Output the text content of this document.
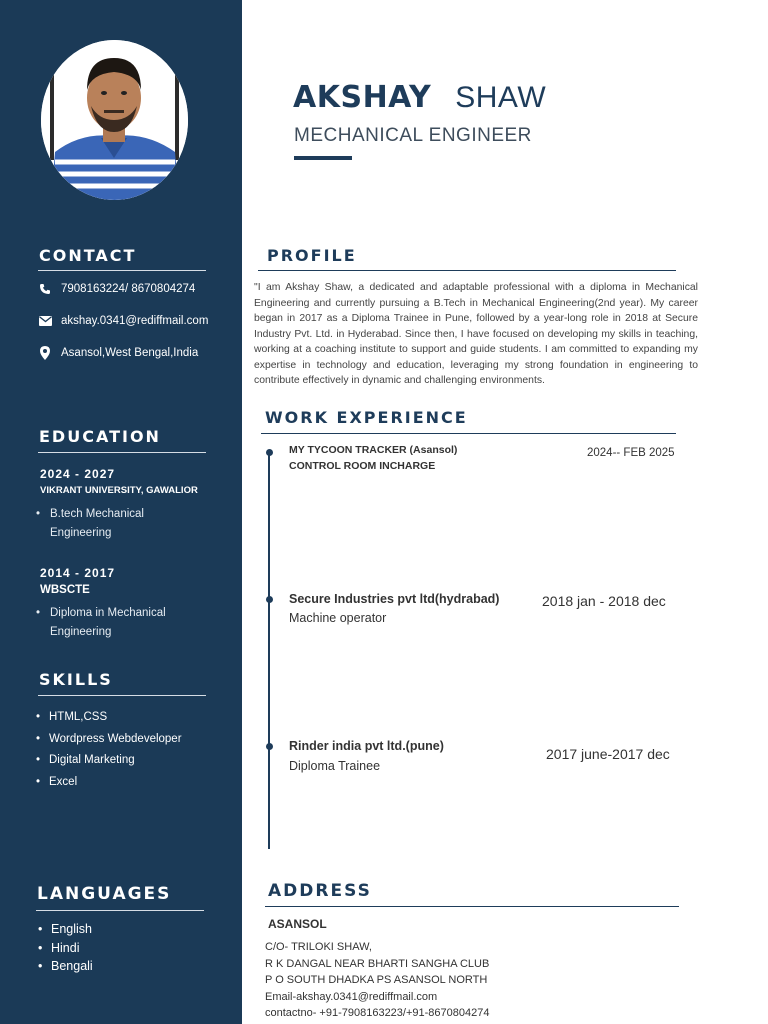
CONTACT
7908163224/ 8670804274
akshay.0341@rediffmail.com
Asansol,West Bengal,India
EDUCATION
2024 - 2027
VIKRANT UNIVERSITY, GAWALIOR
• B.tech Mechanical
Engineering
2014 - 2017
WBSCTE
• Diploma in Mechanical
Engineering
SKILLS
• HTML,CSS
• Wordpress Webdeveloper
• Digital Marketing
• Excel
LANGUAGES
• English
• Hindi
• Bengali
AKSHAY SHAW
MECHANICAL ENGINEER
PROFILE
"I am Akshay Shaw, a dedicated and adaptable professional with a diploma in Mechanical Engineering and currently pursuing a B.Tech in Mechanical Engineering(2nd year). My career began in 2017 as a Diploma Trainee in Pune, followed by a year-long role in 2018 at Secure Industry Pvt. Ltd. in Hyderabad. Since then, I have focused on developing my skills in teaching, working at a coaching institute to support and guide students. I am committed to expanding my expertise in technology and education, leveraging my strong foundation in engineering to contribute effectively in dynamic and challenging environments.
WORK EXPERIENCE
MY TYCOON TRACKER (Asansol)
CONTROL ROOM INCHARGE
2024-- FEB 2025
Secure Industries pvt ltd(hydrabad)
Machine operator
2018 jan - 2018 dec
Rinder india pvt ltd.(pune)
Diploma Trainee
2017 june-2017 dec
ADDRESS
ASANSOL
C/O- TRILOKI SHAW,
R K DANGAL NEAR BHARTI SANGHA CLUB
P O SOUTH DHADKA PS ASANSOL NORTH
Email-akshay.0341@rediffmail.com
contactno- +91-7908163223/+91-8670804274
